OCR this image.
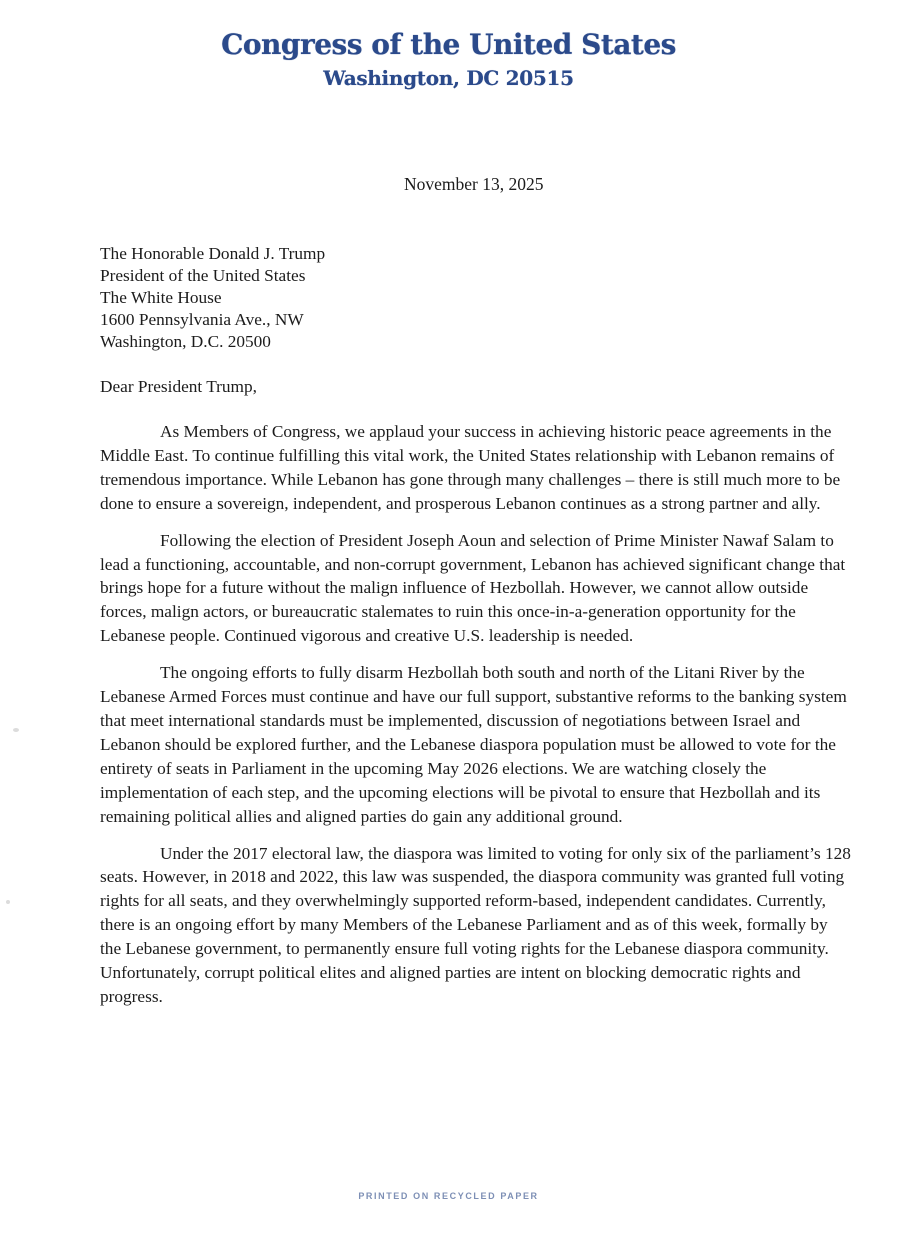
Congress of the United States
Washington, DC 20515
November 13, 2025
The Honorable Donald J. Trump
President of the United States
The White House
1600 Pennsylvania Ave., NW
Washington, D.C. 20500
Dear President Trump,

As Members of Congress, we applaud your success in achieving historic peace agreements in the Middle East. To continue fulfilling this vital work, the United States relationship with Lebanon remains of tremendous importance. While Lebanon has gone through many challenges – there is still much more to be done to ensure a sovereign, independent, and prosperous Lebanon continues as a strong partner and ally.

Following the election of President Joseph Aoun and selection of Prime Minister Nawaf Salam to lead a functioning, accountable, and non-corrupt government, Lebanon has achieved significant change that brings hope for a future without the malign influence of Hezbollah. However, we cannot allow outside forces, malign actors, or bureaucratic stalemates to ruin this once-in-a-generation opportunity for the Lebanese people. Continued vigorous and creative U.S. leadership is needed.

The ongoing efforts to fully disarm Hezbollah both south and north of the Litani River by the Lebanese Armed Forces must continue and have our full support, substantive reforms to the banking system that meet international standards must be implemented, discussion of negotiations between Israel and Lebanon should be explored further, and the Lebanese diaspora population must be allowed to vote for the entirety of seats in Parliament in the upcoming May 2026 elections. We are watching closely the implementation of each step, and the upcoming elections will be pivotal to ensure that Hezbollah and its remaining political allies and aligned parties do gain any additional ground.

Under the 2017 electoral law, the diaspora was limited to voting for only six of the parliament’s 128 seats. However, in 2018 and 2022, this law was suspended, the diaspora community was granted full voting rights for all seats, and they overwhelmingly supported reform-based, independent candidates. Currently, there is an ongoing effort by many Members of the Lebanese Parliament and as of this week, formally by the Lebanese government, to permanently ensure full voting rights for the Lebanese diaspora community. Unfortunately, corrupt political elites and aligned parties are intent on blocking democratic rights and progress.

PRINTED ON RECYCLED PAPER
